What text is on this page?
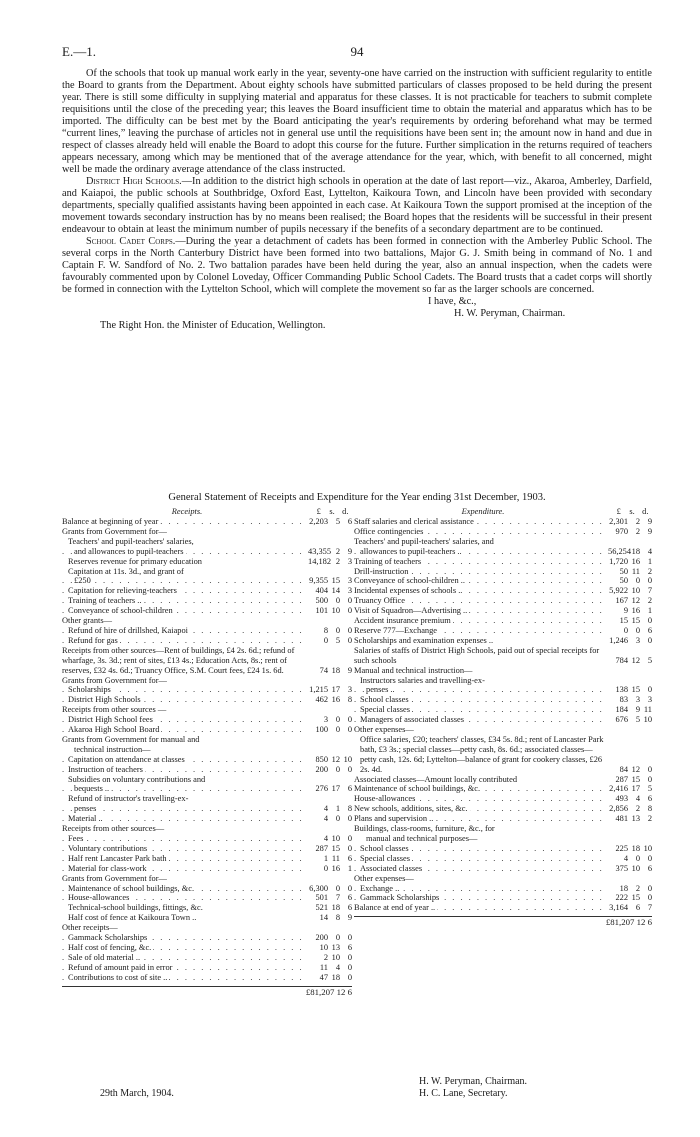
E.—1.	94

Of the schools that took up manual work early in the year, seventy-one have carried on the instruction with sufficient regularity to entitle the Board to grants from the Department. About eighty schools have submitted particulars of classes proposed to be held during the present year. There is still some difficulty in supplying material and apparatus for these classes. It is not practicable for teachers to submit complete requisitions until the close of the preceding year; this leaves the Board insufficient time to obtain the material and apparatus which has to be imported. The difficulty can be best met by the Board anticipating the year's requirements by ordering beforehand what may be termed “current lines,” leaving the purchase of articles not in general use until the requisitions have been sent in; the amount now in hand and due in respect of classes already held will enable the Board to adopt this course for the future. Further simplication in the returns required of teachers appears necessary, among which may be mentioned that of the average attendance for the year, which, with benefit to all concerned, might well be made the ordinary average attendance of the class instructed.

District High Schools.—In addition to the district high schools in operation at the date of last report—viz., Akaroa, Amberley, Darfield, and Kaiapoi, the public schools at Southbridge, Oxford East, Lyttelton, Kaikoura Town, and Lincoln have been provided with secondary departments, specially qualified assistants having been appointed in each case. At Kaikoura Town the support promised at the inception of the movement towards secondary instruction has by no means been realised; the Board hopes that the residents will be successful in their present endeavour to obtain at least the minimum number of pupils necessary if the benefits of a secondary department are to be continued.

School Cadet Corps.—During the year a detachment of cadets has been formed in connection with the Amberley Public School. The several corps in the North Canterbury District have been formed into two battalions, Major G. J. Smith being in command of No. 1 and Captain F. W. Sandford of No. 2. Two battalion parades have been held during the year, also an annual inspection, when the cadets were favourably commented upon by Colonel Loveday, Officer Commanding Public School Cadets. The Board trusts that a cadet corps will shortly be formed in connection with the Lyttelton School, which will complete the movement so far as the larger schools are concerned.

I have, &c.,
H. W. Peryman, Chairman.
The Right Hon. the Minister of Education, Wellington.
General Statement of Receipts and Expenditure for the Year ending 31st December, 1903.
Receipts.	£	s. d.
Balance at beginning of year . . .	2,203 5 6
Grants from Government for—
Teachers' and pupil-teachers' salaries,
and allowances to pupil-teachers . . .	43,355 2 9
Reserves revenue for primary education	14,182 2 3
Capitation at 11s. 3d., and grant of
£250 . . .	9,355 15 3
Capitation for relieving-teachers . . .	404 14 3
Training of teachers .. . . .	500 0 0
Conveyance of school-children . . .	101 10 0
Other grants—
Refund of hire of drillshed, Kaiapoi . . .	8 0 0
Refund for gas . . .	0 5 0
Receipts from other sources—Rent of buildings, £4 2s. 6d.; refund of wharfage, 3s. 3d.; rent of sites, £13 4s.; Education Acts, 8s.; rent of reserves, £32 4s. 6d.; Truancy Office, S.M. Court fees, £24 1s. 6d.	74 18 9
Grants from Government for—
Scholarships . . .	1,215 17 3
District High Schools . . .	462 16 8
Receipts from other sources —
District High School fees . . .	3 0 0
Akaroa High School Board . . .	100 0 0
Grants from Government for manual and
technical instruction—
Capitation on attendance at classes . . .	850 12 10
Instruction of teachers . . .	200 0 0
Subsidies on voluntary contributions and
bequests .. . . .	276 17 6
Refund of instructor's travelling-ex-
penses . . .	4 1 8
Material .. . . .	4 0 0
Receipts from other sources—
Fees . . .	4 10 0
Voluntary contributions . . .	287 15 0
Half rent Lancaster Park bath . . .	1 11 6
Material for class-work . . .	0 16 1
Grants from Government for—
Maintenance of school buildings, &c. . . .	6,300 0 0
House-allowances . . .	501 7 6
Technical-school buildings, fittings, &c.	521 18 6
Half cost of fence at Kaikoura Town ..	14 8 9
Other receipts—
Gammack Scholarships . . .	200 0 0
Half cost of fencing, &c. . . .	10 13 6
Sale of old material .. . . .	2 10 0
Refund of amount paid in error . . .	11 4 0
Contributions to cost of site .. . . .	47 18 0
£81,207 12 6
Expenditure.	£	s. d.
Staff salaries and clerical assistance . . .	2,301 2 9
Office contingencies . . .	970 2 9
Teachers' and pupil-teachers' salaries, and
allowances to pupil-teachers .. . . .	56,254 18 4
Training of teachers . . .	1,720 16 1
Drill-instruction . . .	50 11 2
Conveyance of school-children .. . . .	50 0 0
Incidental expenses of schools .. . . .	5,922 10 7
Truancy Office . . .	167 12 2
Visit of Squadron—Advertising .. . . .	9 16 1
Accident insurance premium . . .	15 15 0
Reserve 777—Exchange . . .	0 0 6
Scholarships and examination expenses ..	1,246 3 0
Salaries of staffs of District High Schools, paid out of special receipts for such schools	784 12 5
Manual and technical instruction—
Instructors salaries and travelling-ex-
penses .. . . .	138 15 0
School classes . . .	83 3 3
Special classes . . .	184 9 11
Managers of associated classes . . .	676 5 10
Other expenses—
Office salaries, £20; teachers' classes, £34 5s. 8d.; rent of Lancaster Park bath, £3 3s.; special classes—petty cash, 8s. 6d.; associated classes—petty cash, 12s. 6d; Lyttelton—balance of grant for cookery classes, £26 2s. 4d.	84 12 0
Associated classes—Amount locally contributed	287 15 0
Maintenance of school buildings, &c. . . .	2,416 17 5
House-allowances . . .	493 4 6
New schools, additions, sites, &c. . . .	2,856 2 8
Plans and supervision .. . . .	481 13 2
Buildings, class-rooms, furniture, &c., for
manual and technical purposes—
School classes . . .	225 18 10
Special classes . . .	4 0 0
Associated classes . . .	375 10 6
Other expenses—
Exchange .. . . .	18 2 0
Gammack Scholarships . . .	222 15 0
Balance at end of year .. . . .	3,164 6 7
£81,207 12 6
29th March, 1904.
H. W. Peryman, Chairman.
H. C. Lane, Secretary.
